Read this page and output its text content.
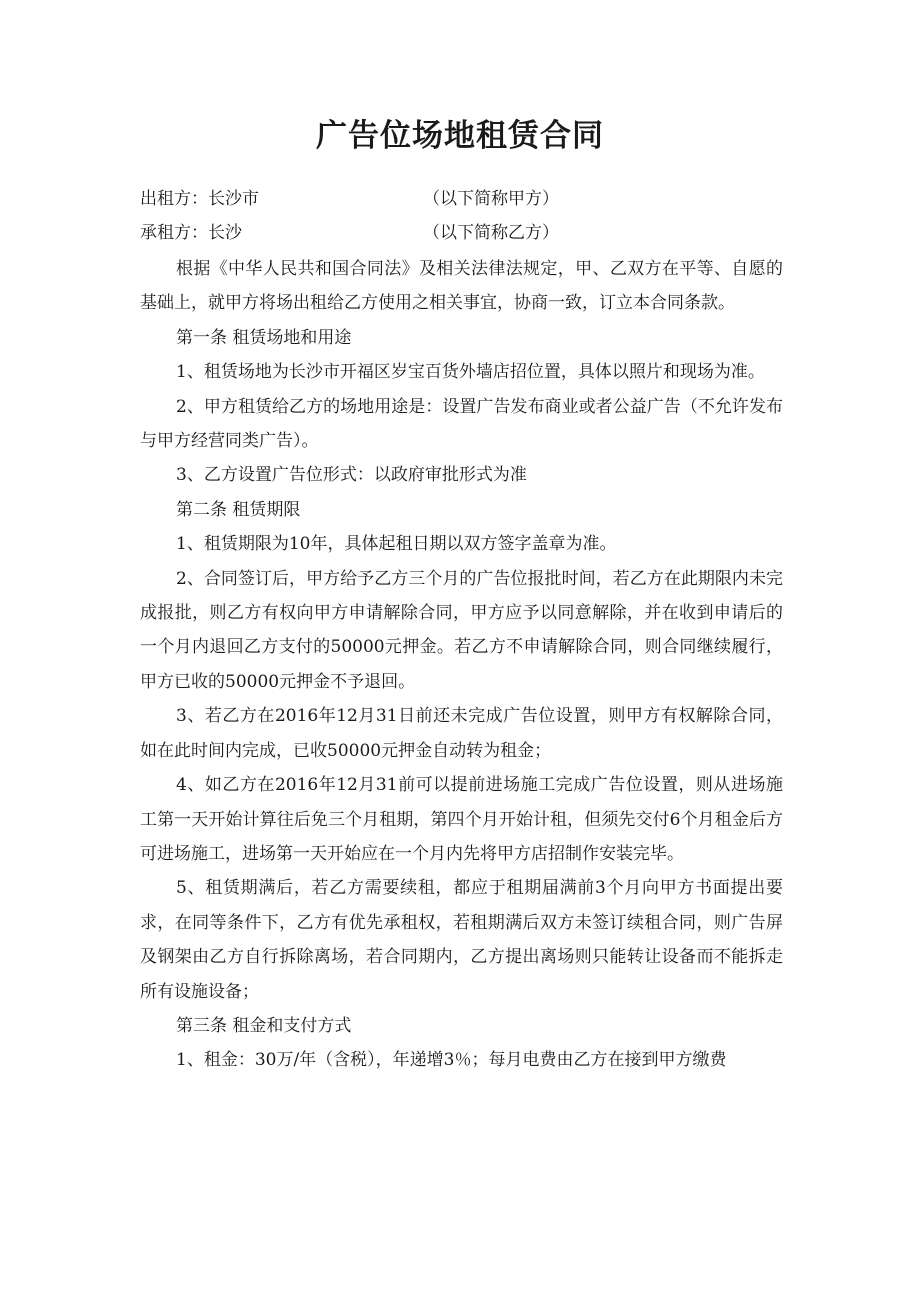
广告位场地租赁合同
出租方：长沙市	（以下简称甲方）
承租方：长沙	（以下简称乙方）

根据《中华人民共和国合同法》及相关法律法规定，甲、乙双方在平等、自愿的基础上，就甲方将场出租给乙方使用之相关事宜，协商一致，订立本合同条款。

第一条 租赁场地和用途

1、租赁场地为长沙市开福区岁宝百货外墙店招位置，具体以照片和现场为准。

2、甲方租赁给乙方的场地用途是：设置广告发布商业或者公益广告（不允许发布与甲方经营同类广告）。

3、乙方设置广告位形式：以政府审批形式为准

第二条 租赁期限

1、租赁期限为10年，具体起租日期以双方签字盖章为准。

2、合同签订后，甲方给予乙方三个月的广告位报批时间，若乙方在此期限内未完成报批，则乙方有权向甲方申请解除合同，甲方应予以同意解除，并在收到申请后的一个月内退回乙方支付的50000元押金。若乙方不申请解除合同，则合同继续履行，甲方已收的50000元押金不予退回。

3、若乙方在2016年12月31日前还未完成广告位设置，则甲方有权解除合同，如在此时间内完成，已收50000元押金自动转为租金；

4、如乙方在2016年12月31前可以提前进场施工完成广告位设置，则从进场施工第一天开始计算往后免三个月租期，第四个月开始计租，但须先交付6个月租金后方可进场施工，进场第一天开始应在一个月内先将甲方店招制作安装完毕。

5、租赁期满后，若乙方需要续租，都应于租期届满前3个月向甲方书面提出要求，在同等条件下，乙方有优先承租权，若租期满后双方未签订续租合同，则广告屏及钢架由乙方自行拆除离场，若合同期内，乙方提出离场则只能转让设备而不能拆走所有设施设备；

第三条 租金和支付方式

1、租金：30万/年（含税），年递增3％；每月电费由乙方在接到甲方缴费
